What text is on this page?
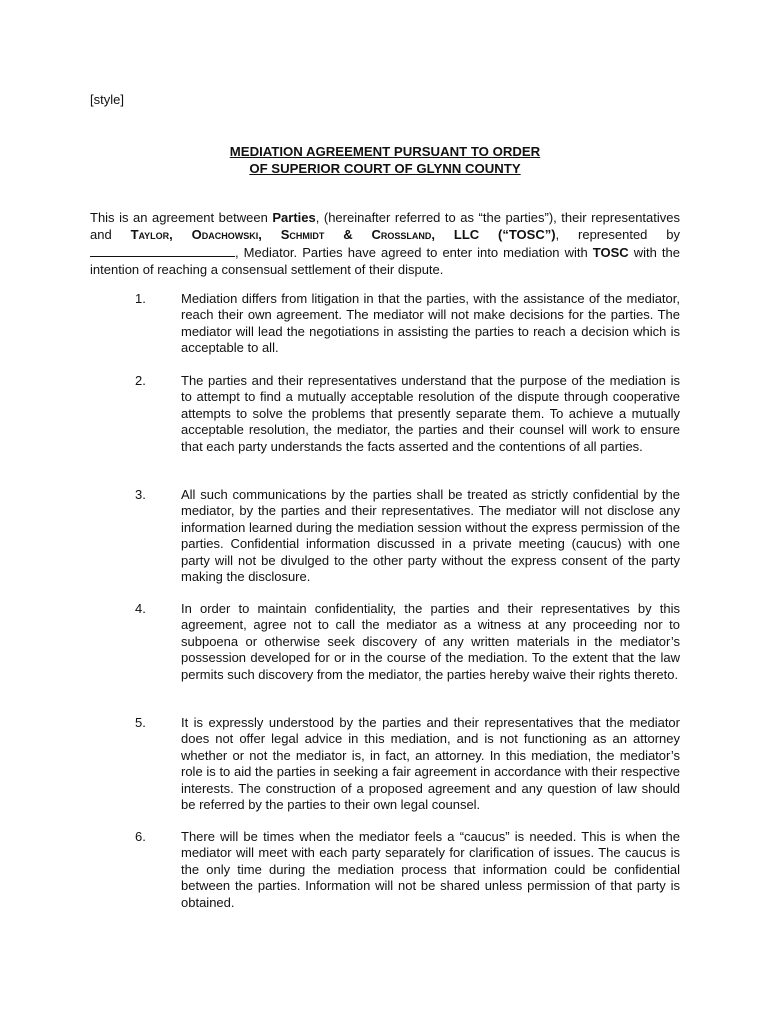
[style]
MEDIATION AGREEMENT PURSUANT TO ORDER
OF SUPERIOR COURT OF GLYNN COUNTY
This is an agreement between Parties, (hereinafter referred to as “the parties”), their representatives and Taylor, Odachowski, Schmidt & Crossland, LLC (“TOSC”), represented by , Mediator. Parties have agreed to enter into mediation with TOSC with the intention of reaching a consensual settlement of their dispute.
1.	Mediation differs from litigation in that the parties, with the assistance of the mediator, reach their own agreement. The mediator will not make decisions for the parties. The mediator will lead the negotiations in assisting the parties to reach a decision which is acceptable to all.
2.	The parties and their representatives understand that the purpose of the mediation is to attempt to find a mutually acceptable resolution of the dispute through cooperative attempts to solve the problems that presently separate them. To achieve a mutually acceptable resolution, the mediator, the parties and their counsel will work to ensure that each party understands the facts asserted and the contentions of all parties.
3.	All such communications by the parties shall be treated as strictly confidential by the mediator, by the parties and their representatives. The mediator will not disclose any information learned during the mediation session without the express permission of the parties. Confidential information discussed in a private meeting (caucus) with one party will not be divulged to the other party without the express consent of the party making the disclosure.
4.	In order to maintain confidentiality, the parties and their representatives by this agreement, agree not to call the mediator as a witness at any proceeding nor to subpoena or otherwise seek discovery of any written materials in the mediator’s possession developed for or in the course of the mediation. To the extent that the law permits such discovery from the mediator, the parties hereby waive their rights thereto.
5.	It is expressly understood by the parties and their representatives that the mediator does not offer legal advice in this mediation, and is not functioning as an attorney whether or not the mediator is, in fact, an attorney. In this mediation, the mediator’s role is to aid the parties in seeking a fair agreement in accordance with their respective interests. The construction of a proposed agreement and any question of law should be referred by the parties to their own legal counsel.
6.	There will be times when the mediator feels a “caucus” is needed. This is when the mediator will meet with each party separately for clarification of issues. The caucus is the only time during the mediation process that information could be confidential between the parties. Information will not be shared unless permission of that party is obtained.
